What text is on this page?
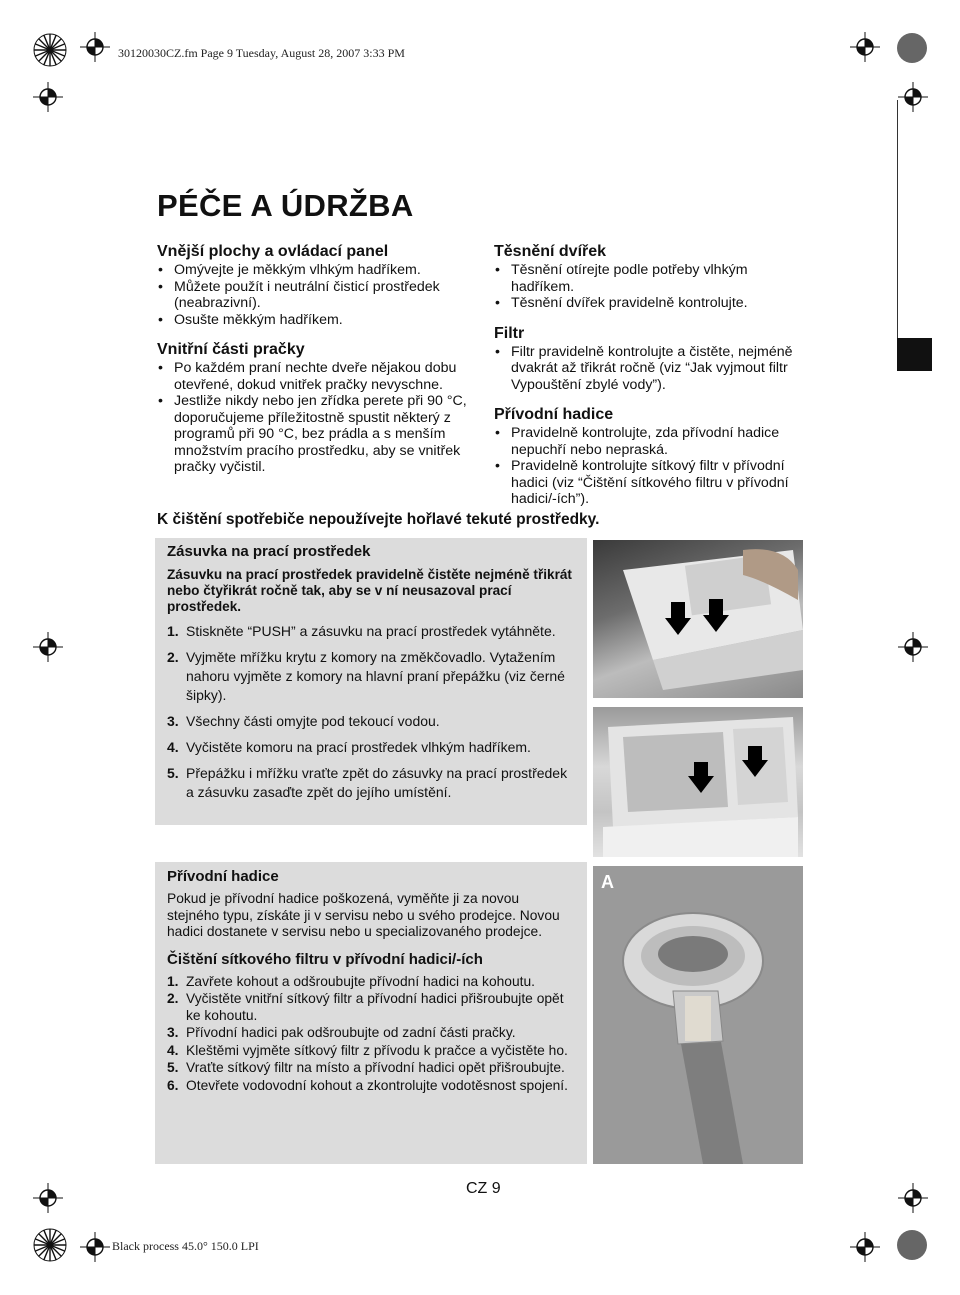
30120030CZ.fm Page 9 Tuesday, August 28, 2007 3:33 PM
Black process 45.0° 150.0 LPI
PÉČE A ÚDRŽBA
Vnější plochy a ovládací panel
• Omývejte je měkkým vlhkým hadříkem.
• Můžete použít i neutrální čisticí prostředek (neabrazivní).
• Osušte měkkým hadříkem.
Vnitřní části pračky
• Po každém praní nechte dveře nějakou dobu otevřené, dokud vnitřek pračky nevyschne.
• Jestliže nikdy nebo jen zřídka perete při 90 °C, doporučujeme příležitostně spustit některý z programů při 90 °C, bez prádla a s menším množstvím pracího prostředku, aby se vnitřek pračky vyčistil.
Těsnění dvířek
• Těsnění otírejte podle potřeby vlhkým hadříkem.
• Těsnění dvířek pravidelně kontrolujte.
Filtr
• Filtr pravidelně kontrolujte a čistěte, nejméně dvakrát až třikrát ročně (viz “Jak vyjmout filtr Vypouštění zbylé vody”).
Přívodní hadice
• Pravidelně kontrolujte, zda přívodní hadice nepuchří nebo nepraská.
• Pravidelně kontrolujte sítkový filtr v přívodní hadici (viz “Čištění sítkového filtru v přívodní hadici/-ích”).
K čištění spotřebiče nepoužívejte hořlavé tekuté prostředky.
Zásuvka na prací prostředek
Zásuvku na prací prostředek pravidelně čistěte nejméně třikrát nebo čtyřikrát ročně tak, aby se v ní neusazoval prací prostředek.
1. Stiskněte “PUSH” a zásuvku na prací prostředek vytáhněte.
2. Vyjměte mřížku krytu z komory na změkčovadlo. Vytažením nahoru vyjměte z komory na hlavní praní přepážku (viz černé šipky).
3. Všechny části omyjte pod tekoucí vodou.
4. Vyčistěte komoru na prací prostředek vlhkým hadříkem.
5. Přepážku i mřížku vraťte zpět do zásuvky na prací prostředek a zásuvku zasaďte zpět do jejího umístění.
Přívodní hadice

Pokud je přívodní hadice poškozená, vyměňte ji za novou stejného typu, získáte ji v servisu nebo u svého prodejce. Novou hadici dostanete v servisu nebo u specializovaného prodejce.

Čištění sítkového filtru v přívodní hadici/-ích
1. Zavřete kohout a odšroubujte přívodní hadici na kohoutu.
2. Vyčistěte vnitřní sítkový filtr a přívodní hadici přišroubujte opět ke kohoutu.
3. Přívodní hadici pak odšroubujte od zadní části pračky.
4. Kleštěmi vyjměte sítkový filtr z přívodu k pračce a vyčistěte ho.
5. Vraťte sítkový filtr na místo a přívodní hadici opět přišroubujte.
6. Otevřete vodovodní kohout a zkontrolujte vodotěsnost spojení.
A
CZ 9
